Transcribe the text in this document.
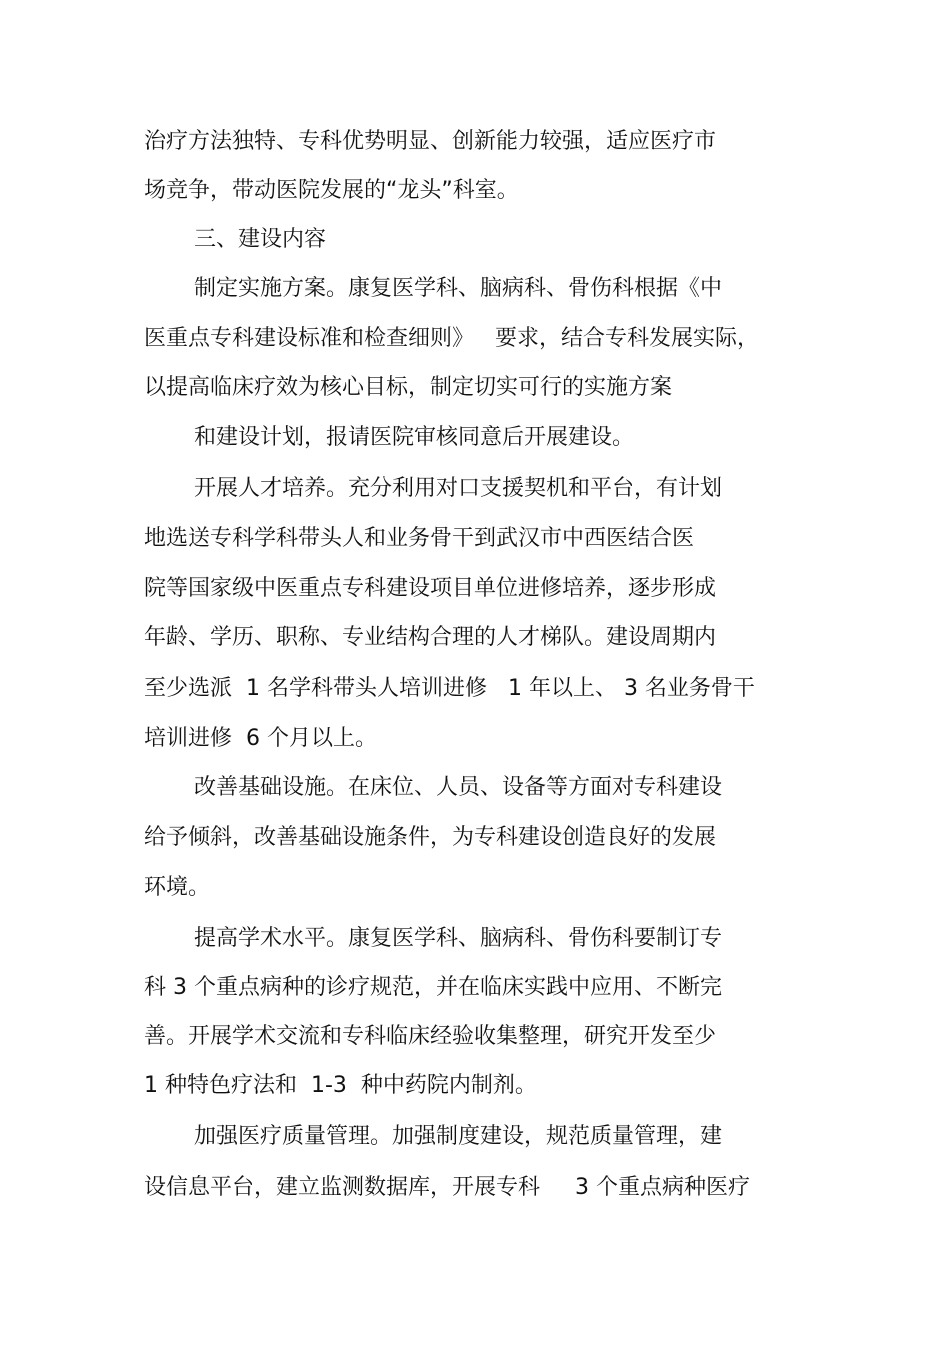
治疗方法独特、专科优势明显、创新能力较强，适应医疗市
场竞争，带动医院发展的“龙头”科室。
三、建设内容
制定实施方案。康复医学科、脑病科、骨伤科根据《中
医重点专科建设标准和检查细则》   要求，结合专科发展实际，
以提高临床疗效为核心目标，制定切实可行的实施方案
和建设计划，报请医院审核同意后开展建设。
开展人才培养。充分利用对口支援契机和平台，有计划
地选送专科学科带头人和业务骨干到武汉市中西医结合医
院等国家级中医重点专科建设项目单位进修培养，逐步形成
年龄、学历、职称、专业结构合理的人才梯队。建设周期内
至少选派  1 名学科带头人培训进修   1 年以上、 3 名业务骨干
培训进修  6 个月以上。
改善基础设施。在床位、人员、设备等方面对专科建设
给予倾斜，改善基础设施条件，为专科建设创造良好的发展
环境。
提高学术水平。康复医学科、脑病科、骨伤科要制订专
科 3 个重点病种的诊疗规范，并在临床实践中应用、不断完
善。开展学术交流和专科临床经验收集整理，研究开发至少
1 种特色疗法和  1-3  种中药院内制剂。
加强医疗质量管理。加强制度建设，规范质量管理，建
设信息平台，建立监测数据库，开展专科     3 个重点病种医疗
